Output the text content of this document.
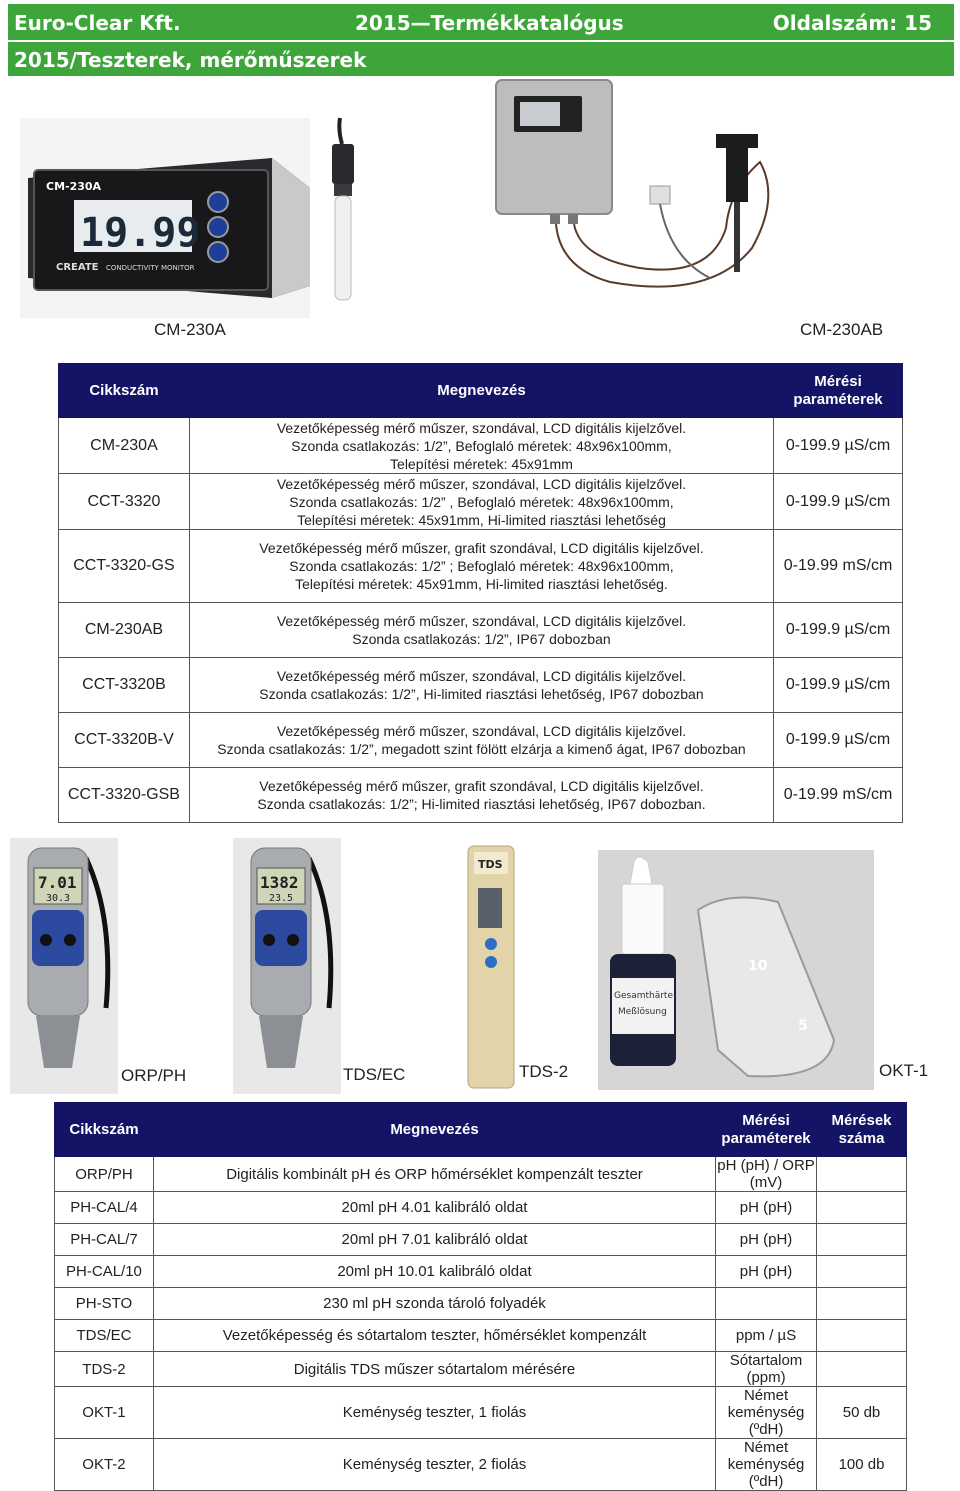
Euro-Clear Kft.	2015—Termékkatalógus	Oldalszám: 15
2015/Teszterek, mérőműszerek
CM-230A
19.99
CREATE CONDUCTIVITY MONITOR
CM-230A	CM-230AB
Cikkszám	Megnevezés	Mérési paraméterek
CM-230A	Vezetőképesség mérő műszer, szondával, LCD digitális kijelzővel.
Szonda csatlakozás: 1/2”, Befoglaló méretek: 48x96x100mm,
Telepítési méretek: 45x91mm	0-199.9 µS/cm
CCT-3320	Vezetőképesség mérő műszer, szondával, LCD digitális kijelzővel.
Szonda csatlakozás: 1/2” , Befoglaló méretek: 48x96x100mm,
Telepítési méretek: 45x91mm, Hi-limited riasztási lehetőség	0-199.9 µS/cm
CCT-3320-GS	Vezetőképesség mérő műszer, grafit szondával, LCD digitális kijelzővel.
Szonda csatlakozás: 1/2” ; Befoglaló méretek: 48x96x100mm,
Telepítési méretek: 45x91mm, Hi-limited riasztási lehetőség.	0-19.99 mS/cm
CM-230AB	Vezetőképesség mérő műszer, szondával, LCD digitális kijelzővel.
Szonda csatlakozás: 1/2”, IP67 dobozban	0-199.9 µS/cm
CCT-3320B	Vezetőképesség mérő műszer, szondával, LCD digitális kijelzővel.
Szonda csatlakozás: 1/2”, Hi-limited riasztási lehetőség, IP67 dobozban	0-199.9 µS/cm
CCT-3320B-V	Vezetőképesség mérő műszer, szondával, LCD digitális kijelzővel.
Szonda csatlakozás: 1/2”, megadott szint fölött elzárja a kimenő ágat, IP67 dobozban	0-199.9 µS/cm
CCT-3320-GSB	Vezetőképesség mérő műszer, grafit szondával, LCD digitális kijelzővel.
Szonda csatlakozás: 1/2”; Hi-limited riasztási lehetőség, IP67 dobozban.	0-19.99 mS/cm
7.01
30.3
1382
23.5
TDS
10
5
Gesamthärte
Meßlösung
ORP/PH	TDS/EC	TDS-2	OKT-1
Cikkszám	Megnevezés	Mérési paraméterek	Mérések száma
ORP/PH	Digitális kombinált pH és ORP hőmérséklet kompenzált teszter	pH (pH) / ORP (mV)	
PH-CAL/4	20ml pH 4.01 kalibráló oldat	pH (pH)	
PH-CAL/7	20ml pH 7.01 kalibráló oldat	pH (pH)	
PH-CAL/10	20ml pH 10.01 kalibráló oldat	pH (pH)	
PH-STO	230 ml pH szonda tároló folyadék		
TDS/EC	Vezetőképesség és sótartalom teszter, hőmérséklet kompenzált	ppm / µS	
TDS-2	Digitális TDS műszer sótartalom mérésére	Sótartalom (ppm)	
OKT-1	Keménység teszter, 1 fiolás	Német keménység (ºdH)	50 db
OKT-2	Keménység teszter, 2 fiolás	Német keménység (ºdH)	100 db
